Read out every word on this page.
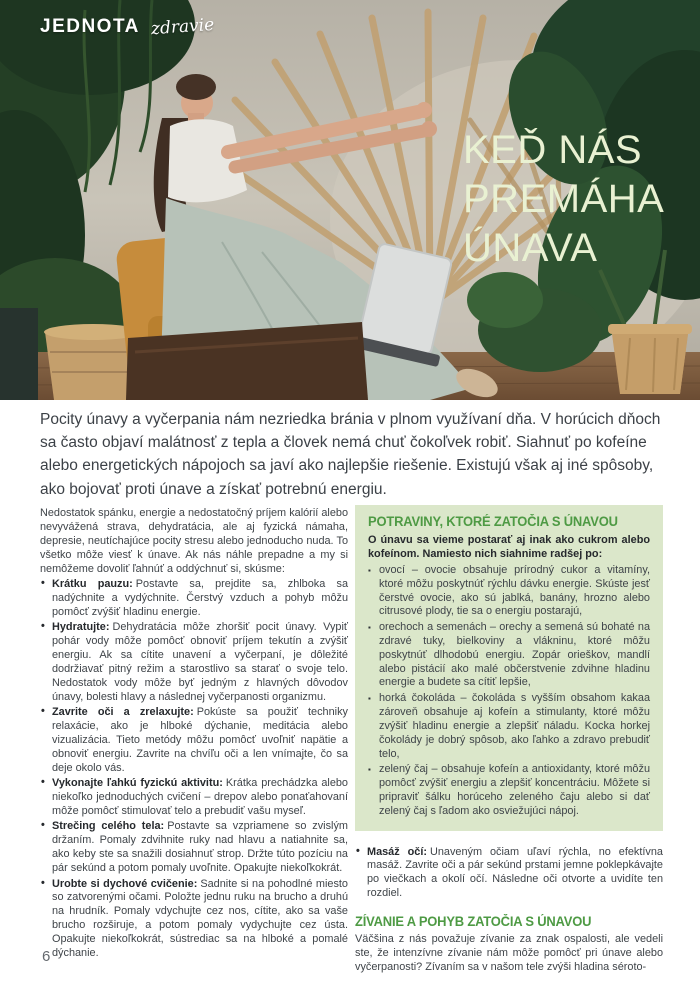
JEDNOTA zdravie
KEĎ NÁS
PREMÁHA
ÚNAVA

Pocity únavy a vyčerpania nám nezriedka bránia v plnom využívaní dňa. V horúcich dňoch sa často objaví malátnosť z tepla a človek nemá chuť čokoľvek robiť. Siahnuť po kofeíne alebo energetických nápojoch sa javí ako najlepšie riešenie. Existujú však aj iné spôsoby, ako bojovať proti únave a získať potrebnú energiu.

Nedostatok spánku, energie a nedostatočný príjem kalórií alebo nevyvážená strava, dehydratácia, ale aj fyzická námaha, depresie, neutíchajúce pocity stresu alebo jednoducho nuda. To všetko môže viesť k únave. Ak nás náhle prepadne a my si nemôžeme dovoliť ľahnúť a oddýchnuť si, skúsme:

• Krátku pauzu: Postavte sa, prejdite sa, zhlboka sa nadýchnite a vydýchnite. Čerstvý vzduch a pohyb môžu pomôcť zvýšiť hladinu energie.
• Hydratujte: Dehydratácia môže zhoršiť pocit únavy. Vypiť pohár vody môže pomôcť obnoviť príjem tekutín a zvýšiť energiu. Ak sa cítite unavení a vyčerpaní, je dôležité dodržiavať pitný režim a starostlivo sa starať o svoje telo. Nedostatok vody môže byť jedným z hlavných dôvodov únavy, bolesti hlavy a následnej vyčerpanosti organizmu.
• Zavrite oči a zrelaxujte: Pokúste sa použiť techniky relaxácie, ako je hlboké dýchanie, meditácia alebo vizualizácia. Tieto metódy môžu pomôcť uvoľniť napätie a obnoviť energiu. Zavrite na chvíľu oči a len vnímajte, čo sa deje okolo vás.
• Vykonajte ľahkú fyzickú aktivitu: Krátka prechádzka alebo niekoľko jednoduchých cvičení – drepov alebo ponaťahovaní môže pomôcť stimulovať telo a prebudiť vašu myseľ.
• Strečing celého tela: Postavte sa vzpriamene so zvislým držaním. Pomaly zdvihnite ruky nad hlavu a natiahnite sa, ako keby ste sa snažili dosiahnuť strop. Držte túto pozíciu na pár sekúnd a potom pomaly uvoľnite. Opakujte niekoľkokrát.
• Urobte si dychové cvičenie: Sadnite si na pohodlné miesto so zatvorenými očami. Položte jednu ruku na brucho a druhú na hrudník. Pomaly vdychujte cez nos, cítite, ako sa vaše brucho rozširuje, a potom pomaly vydychujte cez ústa. Opakujte niekoľkokrát, sústrediac sa na hlboké a pomalé dýchanie.
POTRAVINY, KTORÉ ZATOČIA S ÚNAVOU

O únavu sa vieme postarať aj inak ako cukrom alebo kofeínom. Namiesto nich siahnime radšej po:

▪ ovocí – ovocie obsahuje prírodný cukor a vitamíny, ktoré môžu poskytnúť rýchlu dávku energie. Skúste jesť čerstvé ovocie, ako sú jablká, banány, hrozno alebo citrusové plody, tie sa o energiu postarajú,
▪ orechoch a semenách – orechy a semená sú bohaté na zdravé tuky, bielkoviny a vlákninu, ktoré môžu poskytnúť dlhodobú energiu. Zopár orieškov, mandlí alebo pistácií ako malé občerstvenie zdvihne hladinu energie a budete sa cítiť lepšie,
▪ horká čokoláda – čokoláda s vyšším obsahom kakaa zároveň obsahuje aj kofeín a stimulanty, ktoré môžu zvýšiť hladinu energie a zlepšiť náladu. Kocka horkej čokolády je dobrý spôsob, ako ľahko a zdravo prebudiť telo,
▪ zelený čaj – obsahuje kofeín a antioxidanty, ktoré môžu pomôcť zvýšiť energiu a zlepšiť koncentráciu. Môžete si pripraviť šálku horúceho zeleného čaju alebo si dať zelený čaj s ľadom ako osviežujúci nápoj.
• Masáž očí: Unaveným očiam uľaví rýchla, no efektívna masáž. Zavrite oči a pár sekúnd prstami jemne poklepkávajte po viečkach a okolí očí. Následne oči otvorte a uvidíte ten rozdiel.
ZÍVANIE A POHYB ZATOČIA S ÚNAVOU

Väčšina z nás považuje zívanie za znak ospalosti, ale vedeli ste, že intenzívne zívanie nám môže pomôcť pri únave alebo vyčerpanosti? Zívaním sa v našom tele zvýši hladina séroto-

6
